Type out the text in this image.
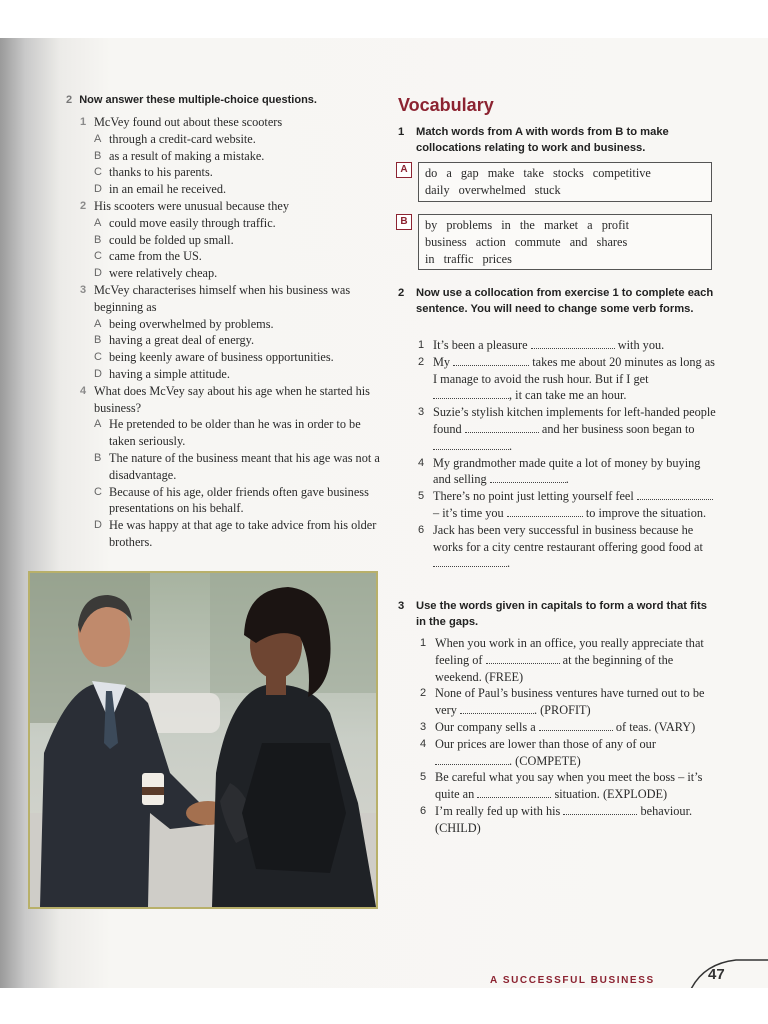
2 Now answer these multiple-choice questions.
1 McVey found out about these scooters
A through a credit-card website.
B as a result of making a mistake.
C thanks to his parents.
D in an email he received.
2 His scooters were unusual because they
A could move easily through traffic.
B could be folded up small.
C came from the US.
D were relatively cheap.
3 McVey characterises himself when his business was beginning as
A being overwhelmed by problems.
B having a great deal of energy.
C being keenly aware of business opportunities.
D having a simple attitude.
4 What does McVey say about his age when he started his business?
A He pretended to be older than he was in order to be taken seriously.
B The nature of the business meant that his age was not a disadvantage.
C Because of his age, older friends often gave business presentations on his behalf.
D He was happy at that age to take advice from his older brothers.
Vocabulary
1	Match words from A with words from B to make
collocations relating to work and business.
A	do a gap make take stocks competitive
daily overwhelmed stuck
B	by problems in the market a profit
business action commute and shares
in traffic prices
2	Now use a collocation from exercise 1 to complete each sentence. You will need to change some verb forms.
1 It’s been a pleasure	with you.
2 My	takes me about 20 minutes as long as I manage to avoid the rush hour. But if I get , it can take me an hour.
3 Suzie’s stylish kitchen implements for left-handed people found	and her business soon began to .
4 My grandmother made quite a lot of money by buying and selling	.
5 There’s no point just letting yourself feel  – it’s time you	to improve the situation.
6 Jack has been very successful in business because he works for a city centre restaurant offering good food at .
3	Use the words given in capitals to form a word that fits in the gaps.
1 When you work in an office, you really appreciate that feeling of	at the beginning of the weekend. (FREE)
2 None of Paul’s business ventures have turned out to be very	. (PROFIT)
3 Our company sells a	of teas. (VARY)
4 Our prices are lower than those of any of our . (COMPETE)
5 Be careful what you say when you meet the boss – it’s quite an	situation. (EXPLODE)
6 I’m really fed up with his	behaviour. (CHILD)
A SUCCESSFUL BUSINESS	47
